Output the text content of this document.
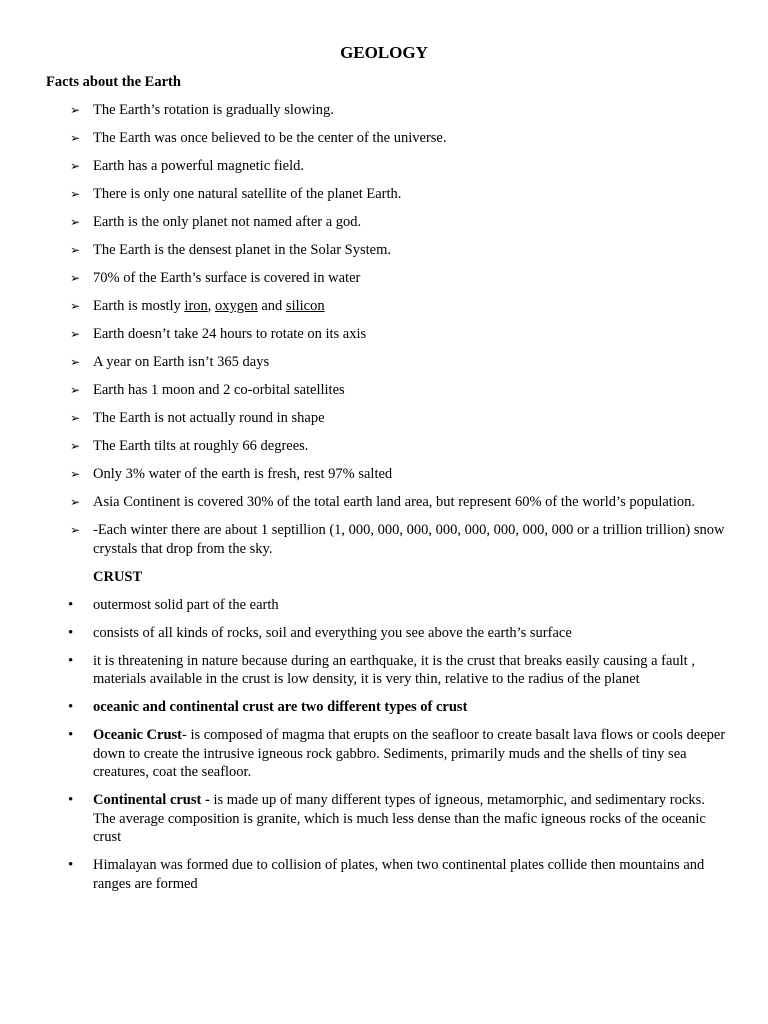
GEOLOGY
Facts about the Earth
➢ The Earth’s rotation is gradually slowing.
➢ The Earth was once believed to be the center of the universe.
➢ Earth has a powerful magnetic field.
➢ There is only one natural satellite of the planet Earth.
➢ Earth is the only planet not named after a god.
➢ The Earth is the densest planet in the Solar System.
➢ 70% of the Earth’s surface is covered in water
➢ Earth is mostly iron, oxygen and silicon
➢ Earth doesn’t take 24 hours to rotate on its axis
➢ A year on Earth isn’t 365 days
➢ Earth has 1 moon and 2 co-orbital satellites
➢ The Earth is not actually round in shape
➢ The Earth tilts at roughly 66 degrees.
➢ Only 3% water of the earth is fresh, rest 97% salted
➢ Asia Continent is covered 30% of the total earth land area, but represent 60% of the world’s population.
➢ -Each winter there are about 1 septillion (1, 000, 000, 000, 000, 000, 000, 000, 000 or a trillion trillion) snow crystals that drop from the sky.
CRUST
• outermost solid part of the earth
• consists of all kinds of rocks, soil and everything you see above the earth’s surface
• it is threatening in nature because during an earthquake, it is the crust that breaks easily causing a fault , materials available in the crust is low density, it is very thin, relative to the radius of the planet
• oceanic and continental crust are two different types of crust
• Oceanic Crust- is composed of magma that erupts on the seafloor to create basalt lava flows or cools deeper down to create the intrusive igneous rock gabbro. Sediments, primarily muds and the shells of tiny sea creatures, coat the seafloor.
• Continental crust - is made up of many different types of igneous, metamorphic, and sedimentary rocks. The average composition is granite, which is much less dense than the mafic igneous rocks of the oceanic crust
• Himalayan was formed due to collision of plates, when two continental plates collide then mountains and ranges are formed
